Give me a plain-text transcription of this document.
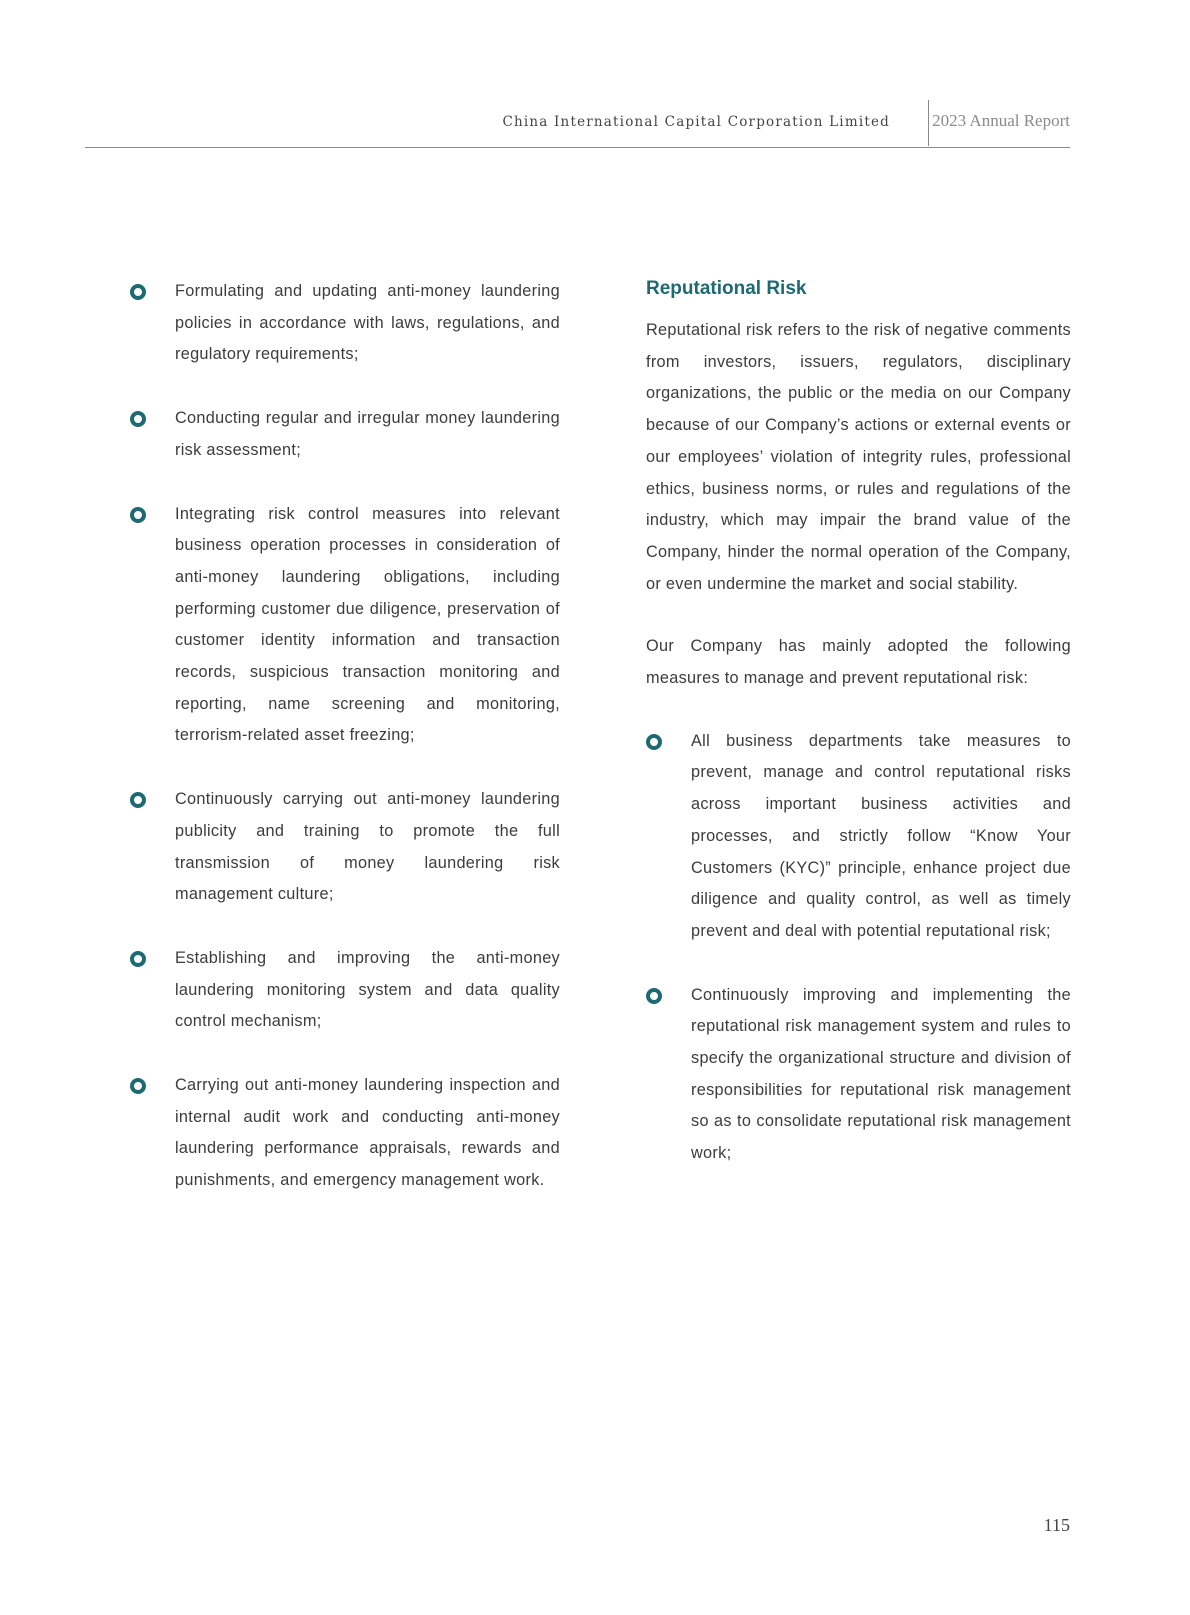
China International Capital Corporation Limited 2023 Annual Report
Formulating and updating anti-money laundering policies in accordance with laws, regulations, and regulatory requirements;
Conducting regular and irregular money laundering risk assessment;
Integrating risk control measures into relevant business operation processes in consideration of anti-money laundering obligations, including performing customer due diligence, preservation of customer identity information and transaction records, suspicious transaction monitoring and reporting, name screening and monitoring, terrorism-related asset freezing;
Continuously carrying out anti-money laundering publicity and training to promote the full transmission of money laundering risk management culture;
Establishing and improving the anti-money laundering monitoring system and data quality control mechanism;
Carrying out anti-money laundering inspection and internal audit work and conducting anti-money laundering performance appraisals, rewards and punishments, and emergency management work.
Reputational Risk
Reputational risk refers to the risk of negative comments from investors, issuers, regulators, disciplinary organizations, the public or the media on our Company because of our Company’s actions or external events or our employees’ violation of integrity rules, professional ethics, business norms, or rules and regulations of the industry, which may impair the brand value of the Company, hinder the normal operation of the Company, or even undermine the market and social stability.
Our Company has mainly adopted the following measures to manage and prevent reputational risk:
All business departments take measures to prevent, manage and control reputational risks across important business activities and processes, and strictly follow “Know Your Customers (KYC)” principle, enhance project due diligence and quality control, as well as timely prevent and deal with potential reputational risk;
Continuously improving and implementing the reputational risk management system and rules to specify the organizational structure and division of responsibilities for reputational risk management so as to consolidate reputational risk management work;
115
